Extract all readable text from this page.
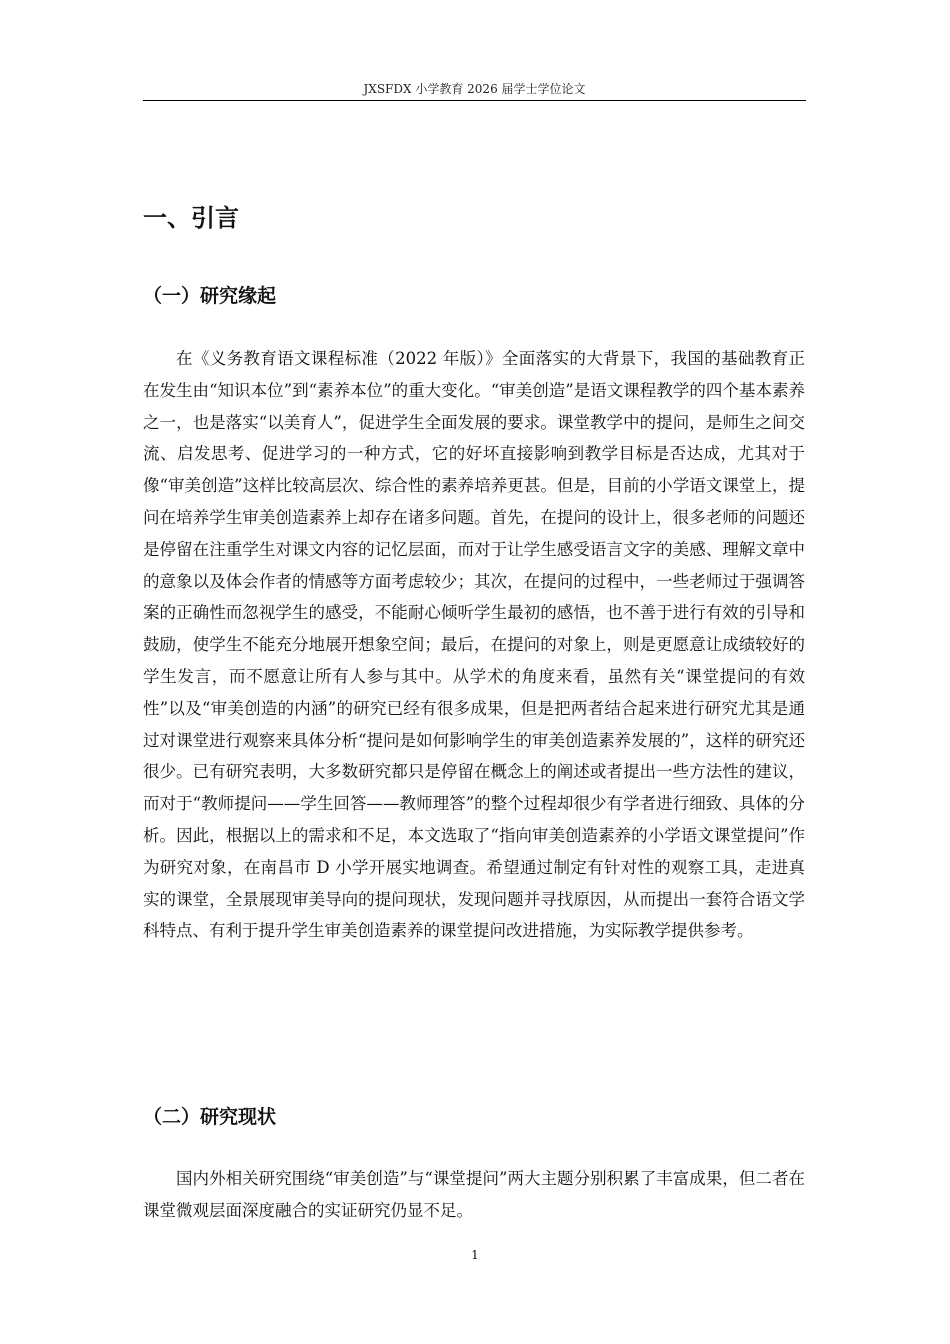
JXSFDX 小学教育 2026 届学士学位论文
一、引言
（一）研究缘起

在《义务教育语文课程标准（2022 年版）》全面落实的大背景下，我国的基础教育正在发生由“知识本位”到“素养本位”的重大变化。“审美创造”是语文课程教学的四个基本素养之一，也是落实“以美育人”，促进学生全面发展的要求。课堂教学中的提问，是师生之间交流、启发思考、促进学习的一种方式，它的好坏直接影响到教学目标是否达成，尤其对于像“审美创造”这样比较高层次、综合性的素养培养更甚。但是，目前的小学语文课堂上，提问在培养学生审美创造素养上却存在诸多问题。首先，在提问的设计上，很多老师的问题还是停留在注重学生对课文内容的记忆层面，而对于让学生感受语言文字的美感、理解文章中的意象以及体会作者的情感等方面考虑较少；其次，在提问的过程中，一些老师过于强调答案的正确性而忽视学生的感受，不能耐心倾听学生最初的感悟，也不善于进行有效的引导和鼓励，使学生不能充分地展开想象空间；最后，在提问的对象上，则是更愿意让成绩较好的学生发言，而不愿意让所有人参与其中。从学术的角度来看，虽然有关“课堂提问的有效性”以及“审美创造的内涵”的研究已经有很多成果，但是把两者结合起来进行研究尤其是通过对课堂进行观察来具体分析“提问是如何影响学生的审美创造素养发展的”，这样的研究还很少。已有研究表明，大多数研究都只是停留在概念上的阐述或者提出一些方法性的建议，而对于“教师提问——学生回答——教师理答”的整个过程却很少有学者进行细致、具体的分析。因此，根据以上的需求和不足，本文选取了“指向审美创造素养的小学语文课堂提问”作为研究对象，在南昌市 D 小学开展实地调查。希望通过制定有针对性的观察工具，走进真实的课堂，全景展现审美导向的提问现状，发现问题并寻找原因，从而提出一套符合语文学科特点、有利于提升学生审美创造素养的课堂提问改进措施，为实际教学提供参考。

（二）研究现状

国内外相关研究围绕“审美创造”与“课堂提问”两大主题分别积累了丰富成果，但二者在课堂微观层面深度融合的实证研究仍显不足。

1
